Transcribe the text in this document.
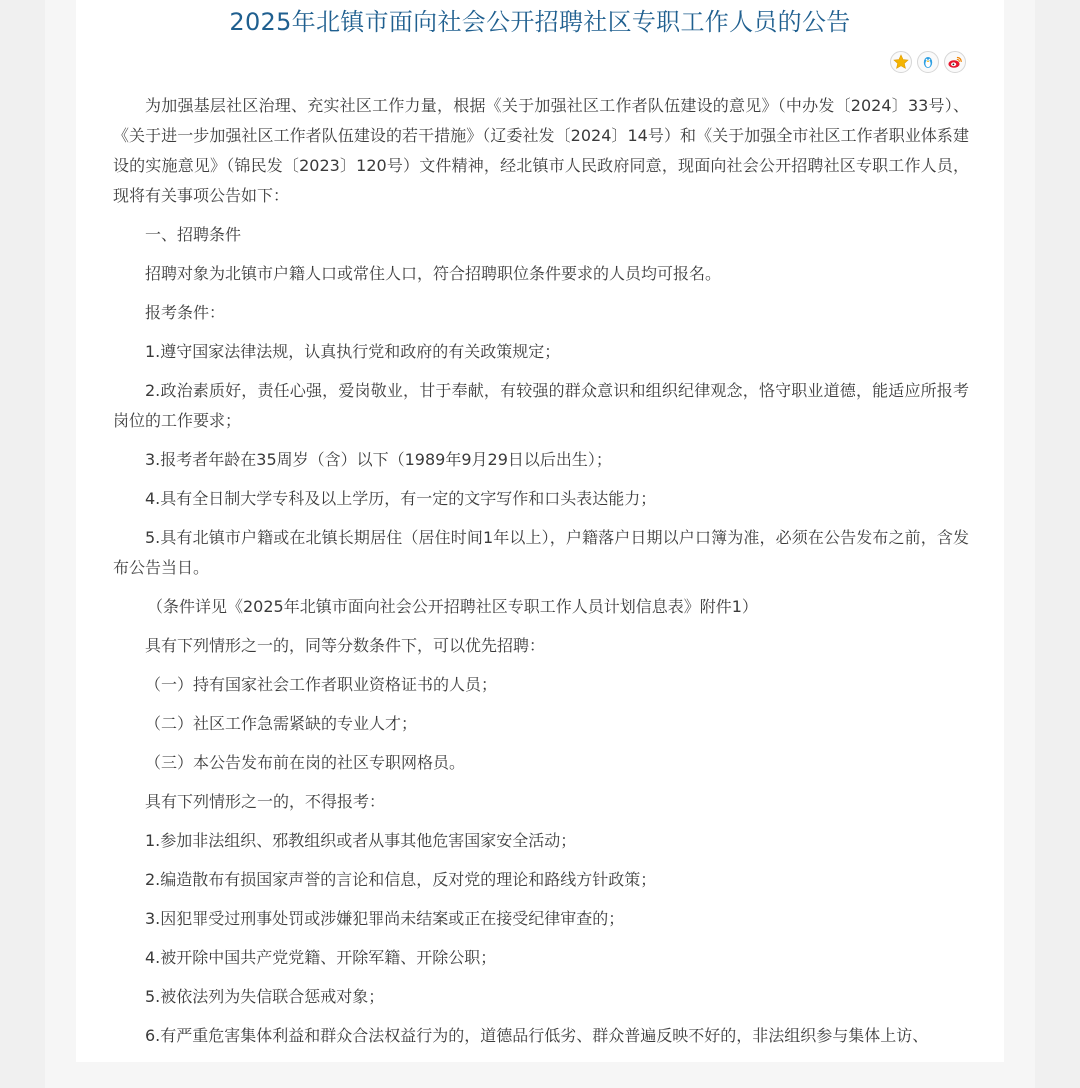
2025年北镇市面向社会公开招聘社区专职工作人员的公告

为加强基层社区治理、充实社区工作力量，根据《关于加强社区工作者队伍建设的意见》（中办发〔2024〕33号）、《关于进一步加强社区工作者队伍建设的若干措施》（辽委社发〔2024〕14号）和《关于加强全市社区工作者职业体系建设的实施意见》（锦民发〔2023〕120号）文件精神，经北镇市人民政府同意，现面向社会公开招聘社区专职工作人员，现将有关事项公告如下：

一、招聘条件

招聘对象为北镇市户籍人口或常住人口，符合招聘职位条件要求的人员均可报名。

报考条件：

1.遵守国家法律法规，认真执行党和政府的有关政策规定；

2.政治素质好，责任心强，爱岗敬业，甘于奉献，有较强的群众意识和组织纪律观念，恪守职业道德，能适应所报考岗位的工作要求；

3.报考者年龄在35周岁（含）以下（1989年9月29日以后出生）；

4.具有全日制大学专科及以上学历，有一定的文字写作和口头表达能力；

5.具有北镇市户籍或在北镇长期居住（居住时间1年以上），户籍落户日期以户口簿为准，必须在公告发布之前，含发布公告当日。

（条件详见《2025年北镇市面向社会公开招聘社区专职工作人员计划信息表》附件1）

具有下列情形之一的，同等分数条件下，可以优先招聘：

（一）持有国家社会工作者职业资格证书的人员；

（二）社区工作急需紧缺的专业人才；

（三）本公告发布前在岗的社区专职网格员。

具有下列情形之一的，不得报考：

1.参加非法组织、邪教组织或者从事其他危害国家安全活动；

2.编造散布有损国家声誉的言论和信息，反对党的理论和路线方针政策；

3.因犯罪受过刑事处罚或涉嫌犯罪尚未结案或正在接受纪律审查的；

4.被开除中国共产党党籍、开除军籍、开除公职；

5.被依法列为失信联合惩戒对象；

6.有严重危害集体利益和群众合法权益行为的，道德品行低劣、群众普遍反映不好的，非法组织参与集体上访、
